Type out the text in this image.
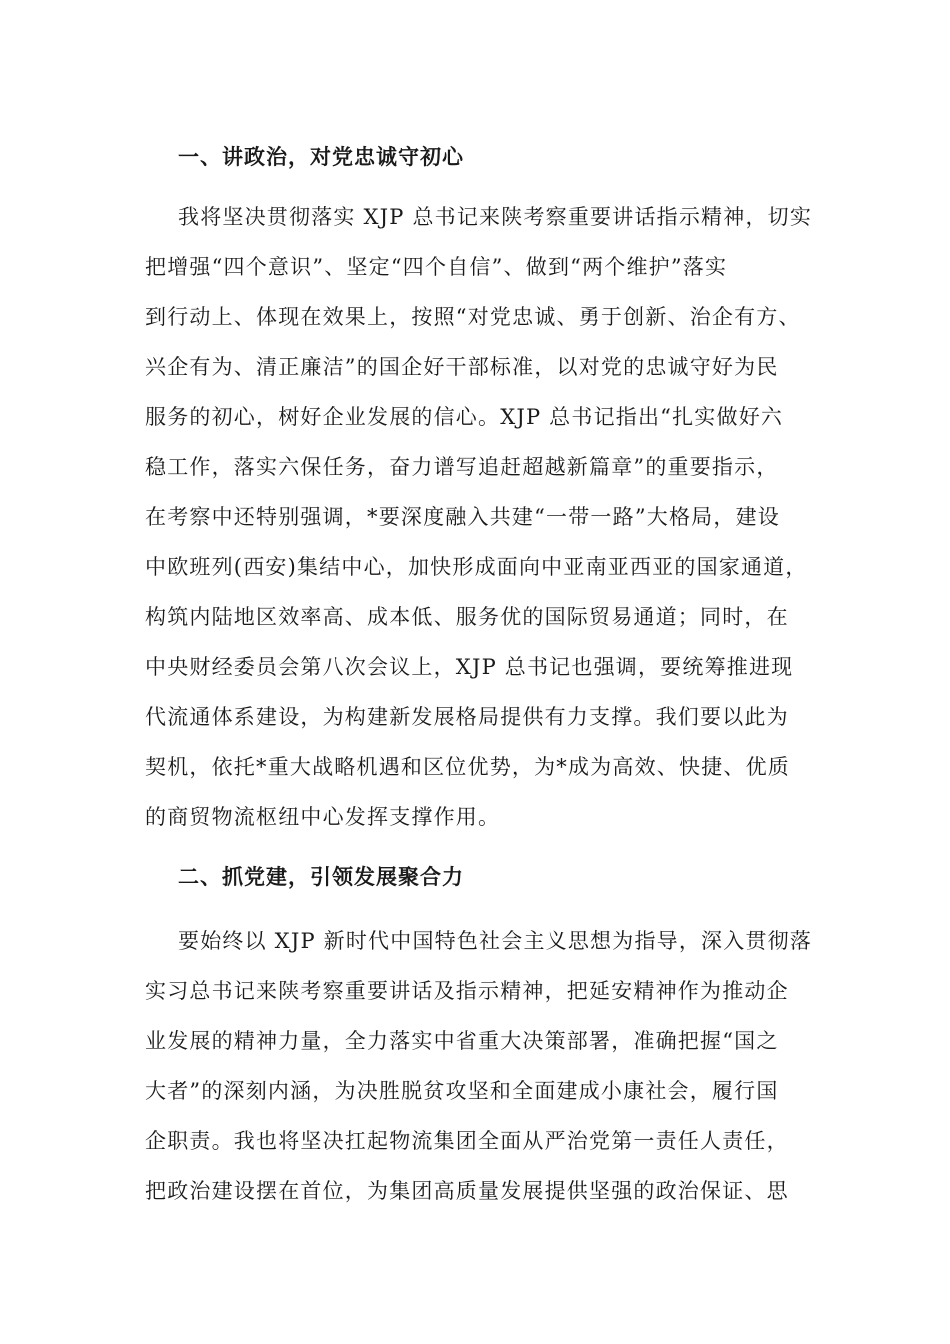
一、讲政治，对党忠诚守初心
我将坚决贯彻落实 XJP 总书记来陕考察重要讲话指示精神，切实
把增强“四个意识”、坚定“四个自信”、做到“两个维护”落实
到行动上、体现在效果上，按照“对党忠诚、勇于创新、治企有方、
兴企有为、清正廉洁”的国企好干部标准，以对党的忠诚守好为民
服务的初心，树好企业发展的信心。XJP 总书记指出“扎实做好六
稳工作，落实六保任务，奋力谱写追赶超越新篇章”的重要指示，
在考察中还特别强调，*要深度融入共建“一带一路”大格局，建设
中欧班列(西安)集结中心，加快形成面向中亚南亚西亚的国家通道，
构筑内陆地区效率高、成本低、服务优的国际贸易通道；同时，在
中央财经委员会第八次会议上，XJP 总书记也强调，要统筹推进现
代流通体系建设，为构建新发展格局提供有力支撑。我们要以此为
契机，依托*重大战略机遇和区位优势，为*成为高效、快捷、优质
的商贸物流枢纽中心发挥支撑作用。
二、抓党建，引领发展聚合力
要始终以 XJP 新时代中国特色社会主义思想为指导，深入贯彻落
实习总书记来陕考察重要讲话及指示精神，把延安精神作为推动企
业发展的精神力量，全力落实中省重大决策部署，准确把握“国之
大者”的深刻内涵，为决胜脱贫攻坚和全面建成小康社会，履行国
企职责。我也将坚决扛起物流集团全面从严治党第一责任人责任，
把政治建设摆在首位，为集团高质量发展提供坚强的政治保证、思
